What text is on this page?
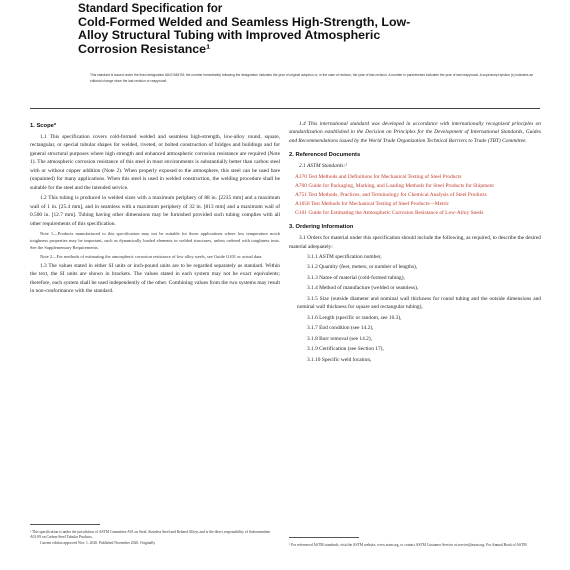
Standard Specification for
Cold-Formed Welded and Seamless High-Strength, Low-
Alloy Structural Tubing with Improved Atmospheric
Corrosion Resistance¹
This standard is issued under the fixed designation A847/A847M; the number immediately following the designation indicates the year of original adoption or, in the case of revision, the year of last revision. A number in parentheses indicates the year of last reapproval. A superscript epsilon (ε) indicates an editorial change since the last revision or reapproval.
1. Scope*
1.1 This specification covers cold-formed welded and seamless high-strength, low-alloy round, square, rectangular, or special tubular shapes for welded, riveted, or bolted construction of bridges and buildings and for general structural purposes where high strength and enhanced atmospheric corrosion resistance are required (Note 1). The atmospheric corrosion resistance of this steel in most environments is substantially better than carbon steel with or without copper addition (Note 2). When properly exposed to the atmosphere, this steel can be used bare (unpainted) for many applications. When this steel is used in welded construction, the welding procedure shall be suitable for the steel and the intended service.
1.2 This tubing is produced in welded sizes with a maximum periphery of 88 in. [2235 mm] and a maximum wall of 1 in. [25.4 mm], and in seamless with a maximum periphery of 32 in. [813 mm] and a maximum wall of 0.500 in. [12.7 mm]. Tubing having other dimensions may be furnished provided such tubing complies with all other requirements of this specification.
Note 1—Products manufactured to this specification may not be suitable for those applications where low temperature notch toughness properties may be important, such as dynamically loaded elements in welded structures, unless ordered with toughness tests. See the Supplementary Requirements.
Note 2—For methods of estimating the atmospheric corrosion resistance of low alloy steels, see Guide G101 or actual data.
1.3 The values stated in either SI units or inch-pound units are to be regarded separately as standard. Within the text, the SI units are shown in brackets. The values stated in each system may not be exact equivalents; therefore, each system shall be used independently of the other. Combining values from the two systems may result in non-conformance with the standard.
1.4 This international standard was developed in accordance with internationally recognized principles on standardization established in the Decision on Principles for the Development of International Standards, Guides and Recommendations issued by the World Trade Organization Technical Barriers to Trade (TBT) Committee.
2. Referenced Documents
2.1 ASTM Standards:²
A370 Test Methods and Definitions for Mechanical Testing of Steel Products
A700 Guide for Packaging, Marking, and Loading Methods for Steel Products for Shipment
A751 Test Methods, Practices, and Terminology for Chemical Analysis of Steel Products
A1058 Test Methods for Mechanical Testing of Steel Products—Metric
G101 Guide for Estimating the Atmospheric Corrosion Resistance of Low-Alloy Steels
3. Ordering Information
3.1 Orders for material under this specification should include the following, as required, to describe the desired material adequately:
3.1.1 ASTM specification number,
3.1.2 Quantity (feet, meters, or number of lengths),
3.1.3 Name of material (cold-formed tubing),
3.1.4 Method of manufacture (welded or seamless),
3.1.5 Size (outside diameter and nominal wall thickness for round tubing and the outside dimensions and nominal wall thickness for square and rectangular tubing),
3.1.6 Length (specific or random, see 10.3),
3.1.7 End condition (see 14.2),
3.1.8 Burr removal (see 14.2),
3.1.9 Certification (see Section 17),
3.1.10 Specific weld location,
¹ This specification is under the jurisdiction of ASTM Committee A01 on Steel, Stainless Steel and Related Alloys and is the direct responsibility of Subcommittee A01.09 on Carbon Steel Tubular Products.
Current edition approved Nov. 1, 2020. Published November 2020. Originally
² For referenced ASTM standards, visit the ASTM website, www.astm.org, or contact ASTM Customer Service at service@astm.org. For Annual Book of ASTM
